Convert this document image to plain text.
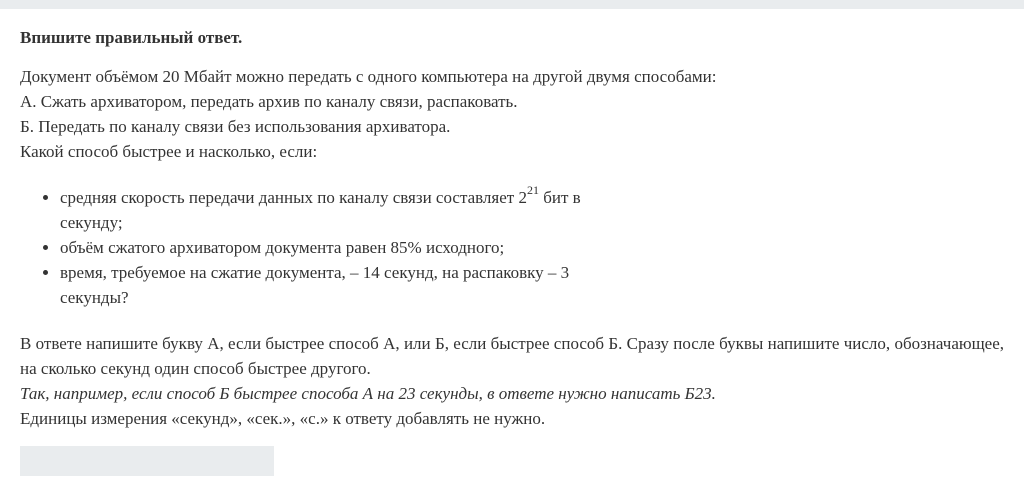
Впишите правильный ответ.

Документ объёмом 20 Мбайт можно передать с одного компьютера на другой двумя способами:

А. Сжать архиватором, передать архив по каналу связи, распаковать.

Б. Передать по каналу связи без использования архиватора.

Какой способ быстрее и насколько, если:

• средняя скорость передачи данных по каналу связи составляет $2^{21}$ бит в секунду;
• объём сжатого архиватором документа равен 85% исходного;
• время, требуемое на сжатие документа, – 14 секунд, на распаковку – 3 секунды?

В ответе напишите букву А, если быстрее способ А, или Б, если быстрее способ Б. Сразу после буквы напишите число, обозначающее, на сколько секунд один способ быстрее другого.

Так, например, если способ Б быстрее способа А на 23 секунды, в ответе нужно написать Б23.

Единицы измерения «секунд», «сек.», «с.» к ответу добавлять не нужно.
